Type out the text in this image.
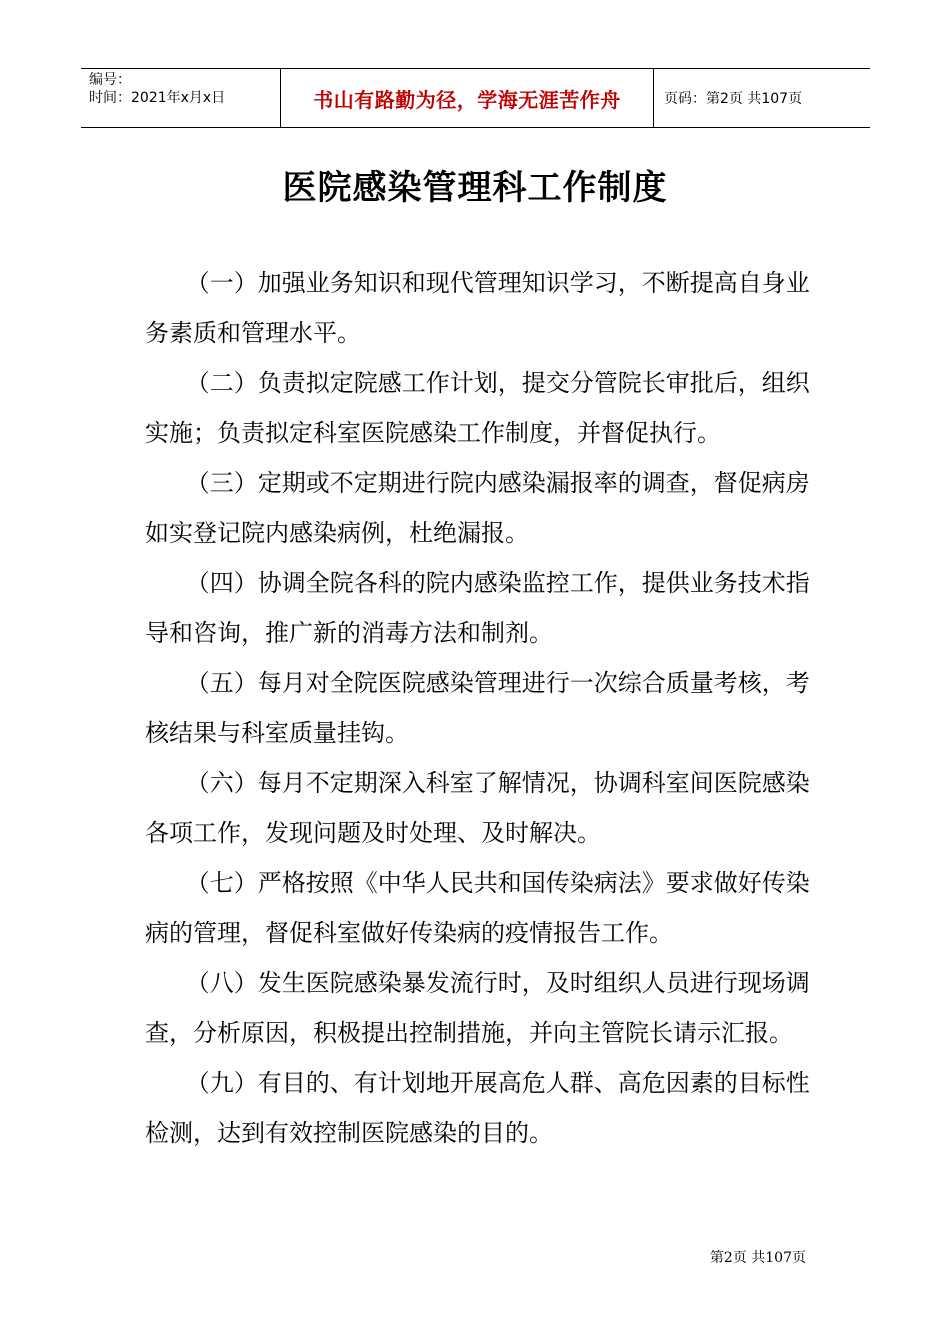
编号：
时间：2021年x月x日	书山有路勤为径，学海无涯苦作舟	页码：第2页 共107页
医院感染管理科工作制度

（一）加强业务知识和现代管理知识学习，不断提高自身业务素质和管理水平。

（二）负责拟定院感工作计划，提交分管院长审批后，组织实施；负责拟定科室医院感染工作制度，并督促执行。

（三）定期或不定期进行院内感染漏报率的调查，督促病房如实登记院内感染病例，杜绝漏报。

（四）协调全院各科的院内感染监控工作，提供业务技术指导和咨询，推广新的消毒方法和制剂。

（五）每月对全院医院感染管理进行一次综合质量考核，考核结果与科室质量挂钩。

（六）每月不定期深入科室了解情况，协调科室间医院感染各项工作，发现问题及时处理、及时解决。

（七）严格按照《中华人民共和国传染病法》要求做好传染病的管理，督促科室做好传染病的疫情报告工作。

（八）发生医院感染暴发流行时，及时组织人员进行现场调查，分析原因，积极提出控制措施，并向主管院长请示汇报。

（九）有目的、有计划地开展高危人群、高危因素的目标性检测，达到有效控制医院感染的目的。

第2页 共107页
